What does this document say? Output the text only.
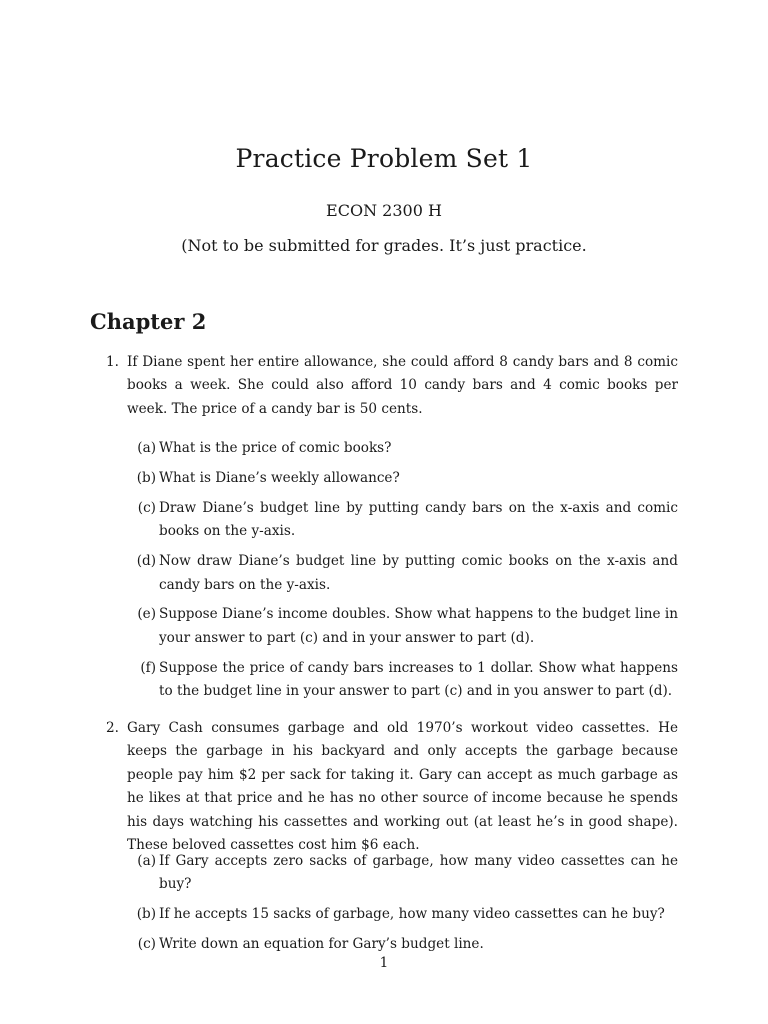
Practice Problem Set 1
ECON 2300 H
(Not to be submitted for grades. It’s just practice.
Chapter 2
1. If Diane spent her entire allowance, she could afford 8 candy bars and 8 comic books a week. She could also afford 10 candy bars and 4 comic books per week. The price of a candy bar is 50 cents.
(a) What is the price of comic books?
(b) What is Diane’s weekly allowance?
(c) Draw Diane’s budget line by putting candy bars on the x-axis and comic books on the y-axis.
(d) Now draw Diane’s budget line by putting comic books on the x-axis and candy bars on the y-axis.
(e) Suppose Diane’s income doubles. Show what happens to the budget line in your answer to part (c) and in your answer to part (d).
(f) Suppose the price of candy bars increases to 1 dollar. Show what happens to the budget line in your answer to part (c) and in you answer to part (d).
2. Gary Cash consumes garbage and old 1970’s workout video cassettes. He keeps the garbage in his backyard and only accepts the garbage because people pay him $2 per sack for taking it. Gary can accept as much garbage as he likes at that price and he has no other source of income because he spends his days watching his cassettes and working out (at least he’s in good shape). These beloved cassettes cost him $6 each.
(a) If Gary accepts zero sacks of garbage, how many video cassettes can he buy?
(b) If he accepts 15 sacks of garbage, how many video cassettes can he buy?
(c) Write down an equation for Gary’s budget line.
1
